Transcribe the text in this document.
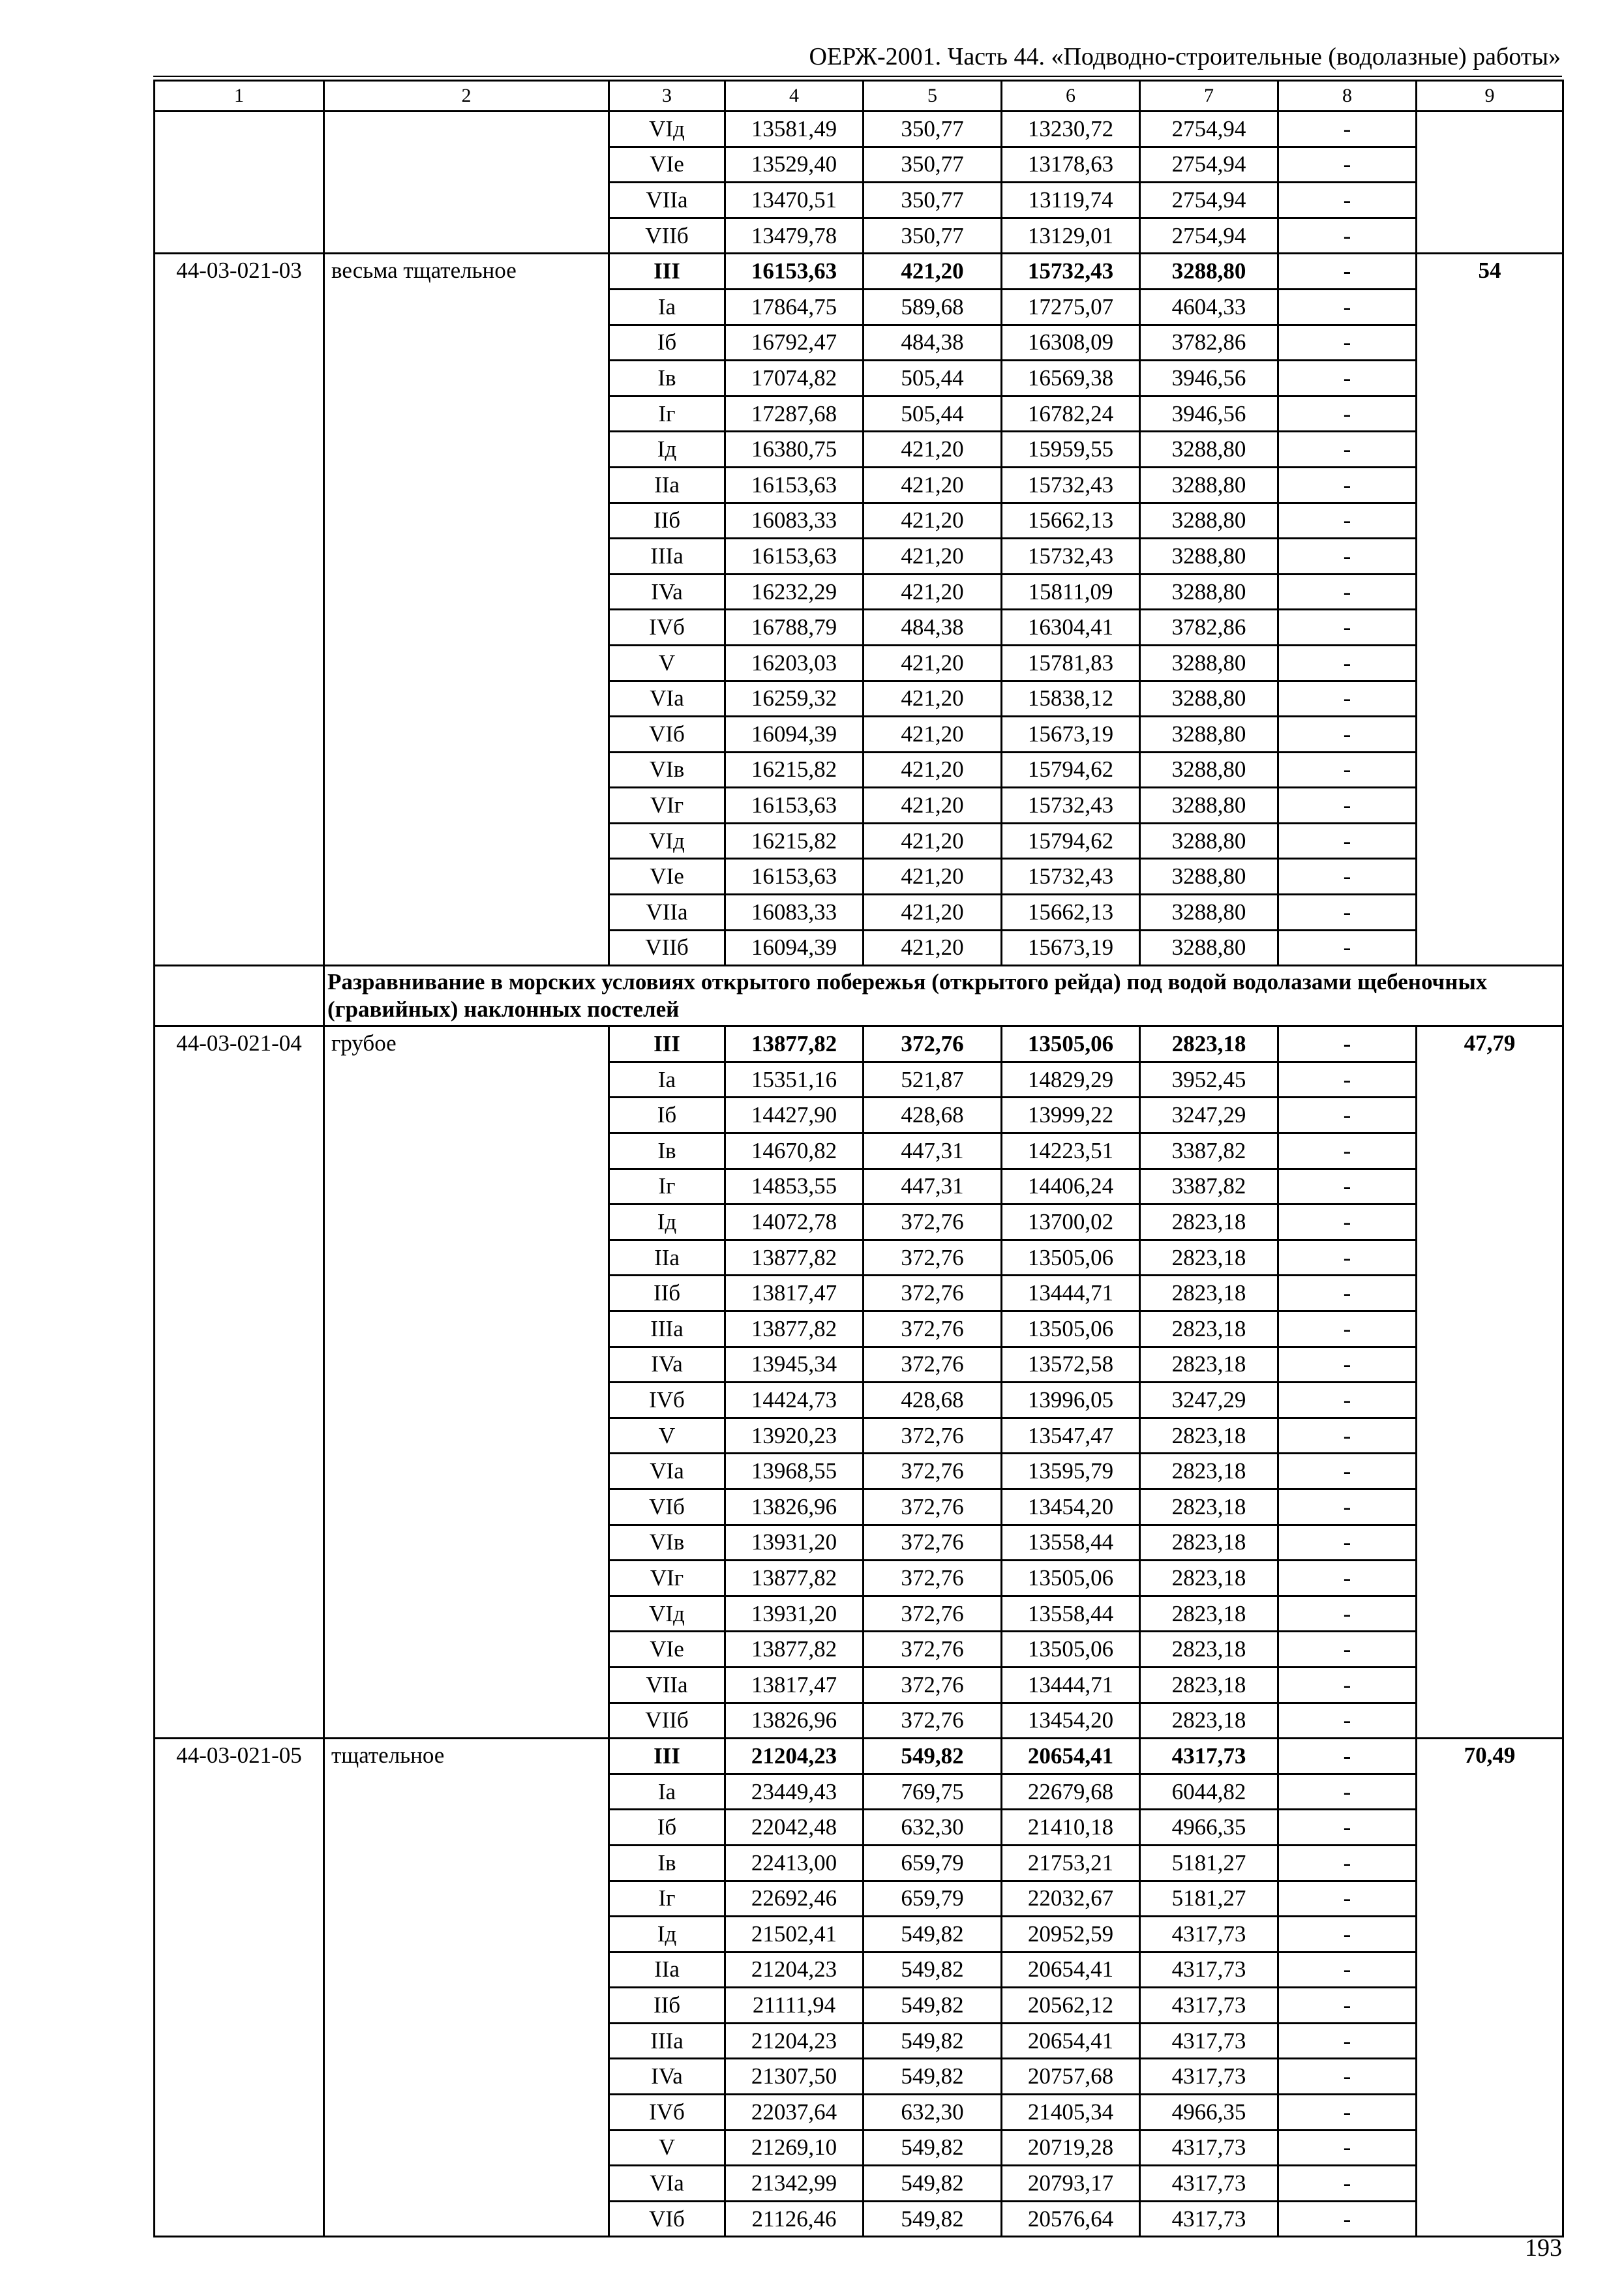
ОЕРЖ-2001. Часть 44. «Подводно-строительные (водолазные) работы»
1	2	3	4	5	6	7	8	9
		VIд	13581,49	350,77	13230,72	2754,94	-	
		VIe	13529,40	350,77	13178,63	2754,94	-	
		VIIa	13470,51	350,77	13119,74	2754,94	-	
		VIIб	13479,78	350,77	13129,01	2754,94	-	
44-03-021-03	весьма тщательное	III	16153,63	421,20	15732,43	3288,80	-	54
		Ia	17864,75	589,68	17275,07	4604,33	-	
		Iб	16792,47	484,38	16308,09	3782,86	-	
		Iв	17074,82	505,44	16569,38	3946,56	-	
		Iг	17287,68	505,44	16782,24	3946,56	-	
		Iд	16380,75	421,20	15959,55	3288,80	-	
		IIa	16153,63	421,20	15732,43	3288,80	-	
		IIб	16083,33	421,20	15662,13	3288,80	-	
		IIIa	16153,63	421,20	15732,43	3288,80	-	
		IVa	16232,29	421,20	15811,09	3288,80	-	
		IVб	16788,79	484,38	16304,41	3782,86	-	
		V	16203,03	421,20	15781,83	3288,80	-	
		VIa	16259,32	421,20	15838,12	3288,80	-	
		VIб	16094,39	421,20	15673,19	3288,80	-	
		VIв	16215,82	421,20	15794,62	3288,80	-	
		VIг	16153,63	421,20	15732,43	3288,80	-	
		VIд	16215,82	421,20	15794,62	3288,80	-	
		VIe	16153,63	421,20	15732,43	3288,80	-	
		VIIa	16083,33	421,20	15662,13	3288,80	-	
		VIIб	16094,39	421,20	15673,19	3288,80	-	
	Разравнивание в морских условиях открытого побережья (открытого рейда) под водой водолазами щебеночных (гравийных) наклонных постелей							
44-03-021-04	грубое	III	13877,82	372,76	13505,06	2823,18	-	47,79
		Ia	15351,16	521,87	14829,29	3952,45	-	
		Iб	14427,90	428,68	13999,22	3247,29	-	
		Iв	14670,82	447,31	14223,51	3387,82	-	
		Iг	14853,55	447,31	14406,24	3387,82	-	
		Iд	14072,78	372,76	13700,02	2823,18	-	
		IIa	13877,82	372,76	13505,06	2823,18	-	
		IIб	13817,47	372,76	13444,71	2823,18	-	
		IIIa	13877,82	372,76	13505,06	2823,18	-	
		IVa	13945,34	372,76	13572,58	2823,18	-	
		IVб	14424,73	428,68	13996,05	3247,29	-	
		V	13920,23	372,76	13547,47	2823,18	-	
		VIa	13968,55	372,76	13595,79	2823,18	-	
		VIб	13826,96	372,76	13454,20	2823,18	-	
		VIв	13931,20	372,76	13558,44	2823,18	-	
		VIг	13877,82	372,76	13505,06	2823,18	-	
		VIд	13931,20	372,76	13558,44	2823,18	-	
		VIe	13877,82	372,76	13505,06	2823,18	-	
		VIIa	13817,47	372,76	13444,71	2823,18	-	
		VIIб	13826,96	372,76	13454,20	2823,18	-	
44-03-021-05	тщательное	III	21204,23	549,82	20654,41	4317,73	-	70,49
		Ia	23449,43	769,75	22679,68	6044,82	-	
		Iб	22042,48	632,30	21410,18	4966,35	-	
		Iв	22413,00	659,79	21753,21	5181,27	-	
		Iг	22692,46	659,79	22032,67	5181,27	-	
		Iд	21502,41	549,82	20952,59	4317,73	-	
		IIa	21204,23	549,82	20654,41	4317,73	-	
		IIб	21111,94	549,82	20562,12	4317,73	-	
		IIIa	21204,23	549,82	20654,41	4317,73	-	
		IVa	21307,50	549,82	20757,68	4317,73	-	
		IVб	22037,64	632,30	21405,34	4966,35	-	
		V	21269,10	549,82	20719,28	4317,73	-	
		VIa	21342,99	549,82	20793,17	4317,73	-	
		VIб	21126,46	549,82	20576,64	4317,73	-	
193
